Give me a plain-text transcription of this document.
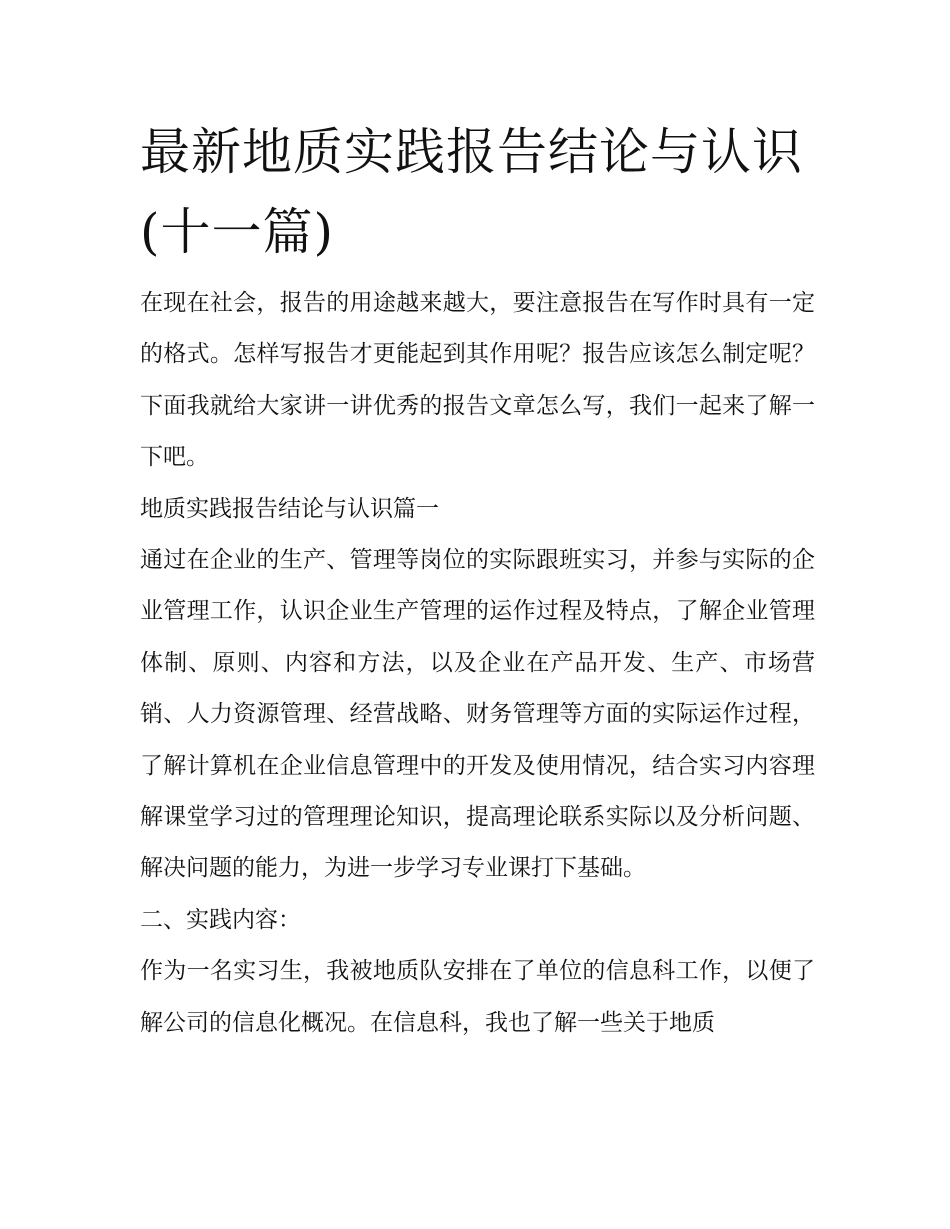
最新地质实践报告结论与认识(十一篇)

在现在社会，报告的用途越来越大，要注意报告在写作时具有一定的格式。怎样写报告才更能起到其作用呢？报告应该怎么制定呢？下面我就给大家讲一讲优秀的报告文章怎么写，我们一起来了解一下吧。

地质实践报告结论与认识篇一

通过在企业的生产、管理等岗位的实际跟班实习，并参与实际的企业管理工作，认识企业生产管理的运作过程及特点，了解企业管理体制、原则、内容和方法，以及企业在产品开发、生产、市场营销、人力资源管理、经营战略、财务管理等方面的实际运作过程，了解计算机在企业信息管理中的开发及使用情况，结合实习内容理解课堂学习过的管理理论知识，提高理论联系实际以及分析问题、解决问题的能力，为进一步学习专业课打下基础。

二、实践内容：

作为一名实习生，我被地质队安排在了单位的信息科工作，以便了解公司的信息化概况。在信息科，我也了解一些关于地质
